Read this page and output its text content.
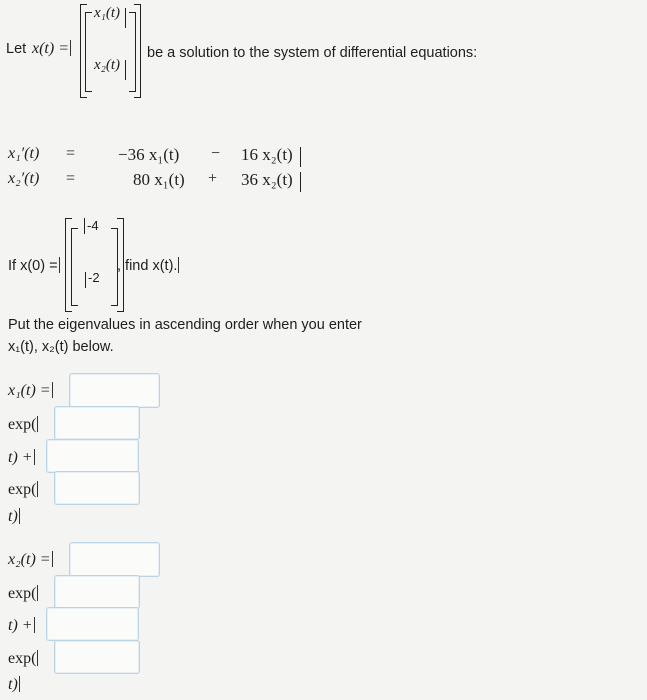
Let x(t) =
x₁(t)
x₂(t)
be a solution to the system of differential equations:
x₁′(t) =	−36 x₁(t) − 16 x₂(t)
x₂′(t) =	80 x₁(t) + 36 x₂(t)
If x(0) =
-4
-2
, find x(t).
Put the eigenvalues in ascending order when you enter
x₁(t), x₂(t) below.
x₁(t) =
exp(
t) +
exp(
t)
x₂(t) =
exp(
t) +
exp(
t)
